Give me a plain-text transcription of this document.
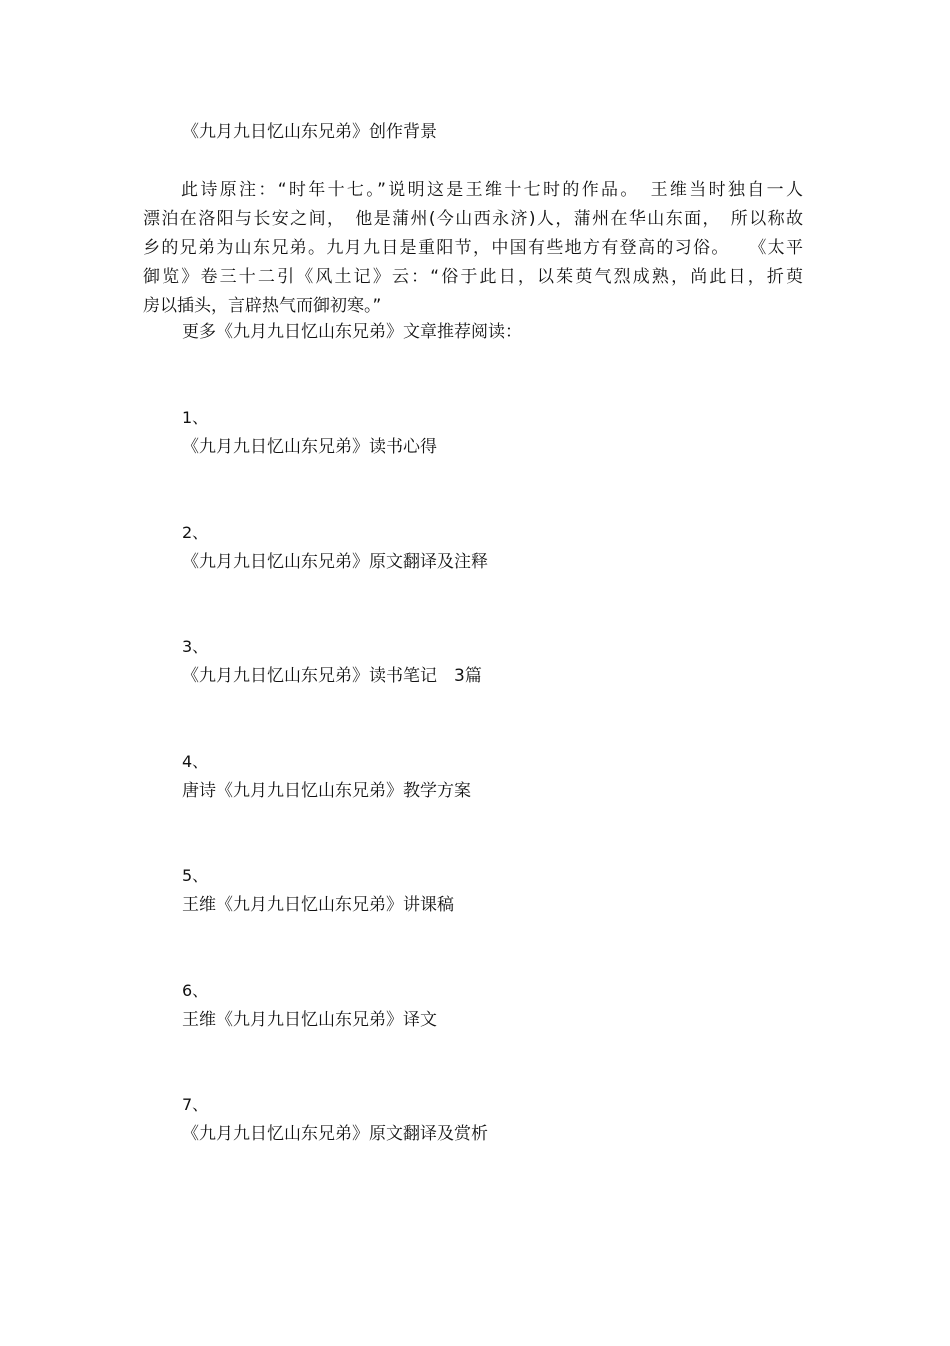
《九月九日忆山东兄弟》创作背景
此诗原注：“时年十七。”说明这是王维十七时的作品。　王维当时独自一人
漂泊在洛阳与长安之间，　他是蒲州(今山西永济)人，蒲州在华山东面，　所以称故
乡的兄弟为山东兄弟。九月九日是重阳节，中国有些地方有登高的习俗。　　《太平
御览》卷三十二引《风土记》云：“俗于此日，以茱萸气烈成熟，尚此日，折萸
房以插头，言辟热气而御初寒。”
更多《九月九日忆山东兄弟》文章推荐阅读：
1、
《九月九日忆山东兄弟》读书心得
2、
《九月九日忆山东兄弟》原文翻译及注释
3、
《九月九日忆山东兄弟》读书笔记　3篇
4、
唐诗《九月九日忆山东兄弟》教学方案
5、
王维《九月九日忆山东兄弟》讲课稿
6、
王维《九月九日忆山东兄弟》译文
7、
《九月九日忆山东兄弟》原文翻译及赏析
